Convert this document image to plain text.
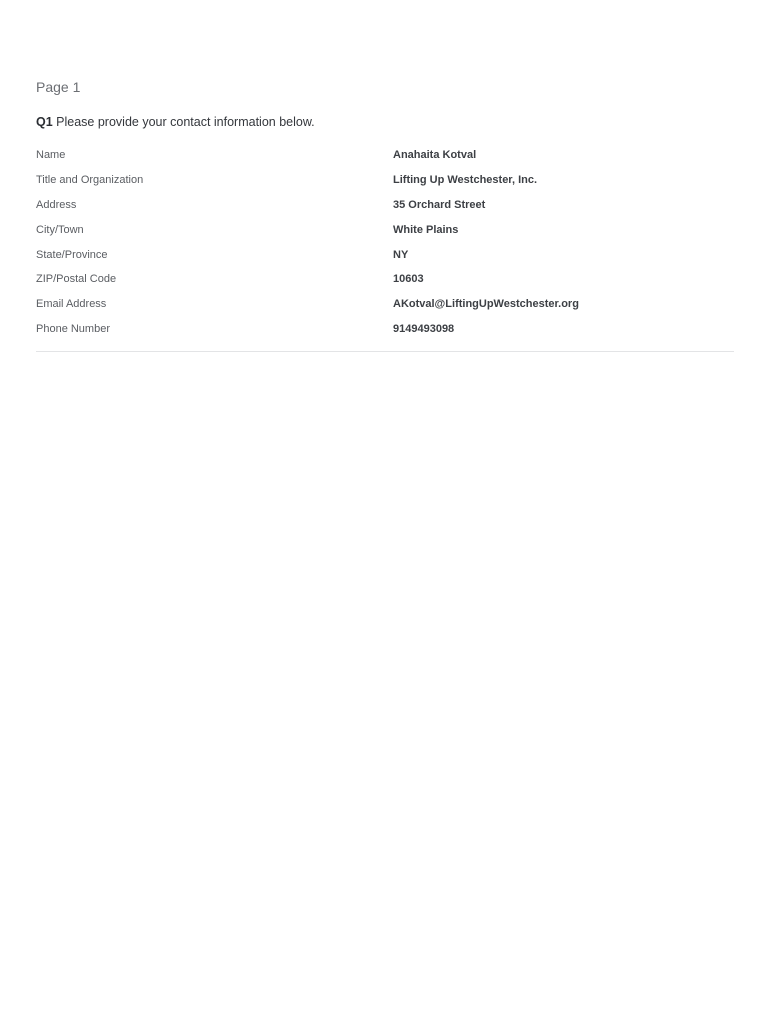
Page 1

Q1 Please provide your contact information below.

Name	Anahaita Kotval
Title and Organization	Lifting Up Westchester, Inc.
Address	35 Orchard Street
City/Town	White Plains
State/Province	NY
ZIP/Postal Code	10603
Email Address	AKotval@LiftingUpWestchester.org
Phone Number	9149493098
